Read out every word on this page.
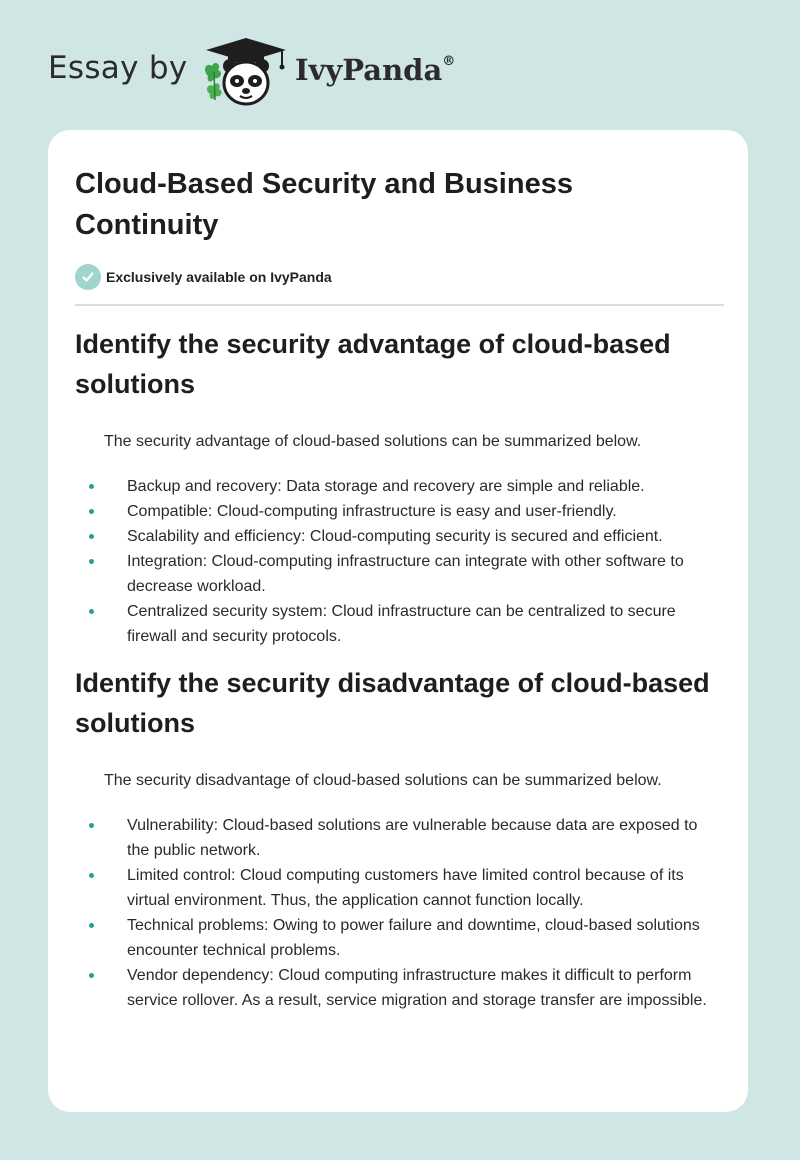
Essay by	IvyPanda®
Cloud-Based Security and Business Continuity
Exclusively available on IvyPanda
Identify the security advantage of cloud-based solutions

The security advantage of cloud-based solutions can be summarized below.

Backup and recovery: Data storage and recovery are simple and reliable.
Compatible: Cloud-computing infrastructure is easy and user-friendly.
Scalability and efficiency: Cloud-computing security is secured and efficient.
Integration: Cloud-computing infrastructure can integrate with other software to decrease workload.
Centralized security system: Cloud infrastructure can be centralized to secure firewall and security protocols.
Identify the security disadvantage of cloud-based solutions

The security disadvantage of cloud-based solutions can be summarized below.

Vulnerability: Cloud-based solutions are vulnerable because data are exposed to the public network.
Limited control: Cloud computing customers have limited control because of its virtual environment. Thus, the application cannot function locally.
Technical problems: Owing to power failure and downtime, cloud-based solutions encounter technical problems.
Vendor dependency: Cloud computing infrastructure makes it difficult to perform service rollover. As a result, service migration and storage transfer are impossible.
